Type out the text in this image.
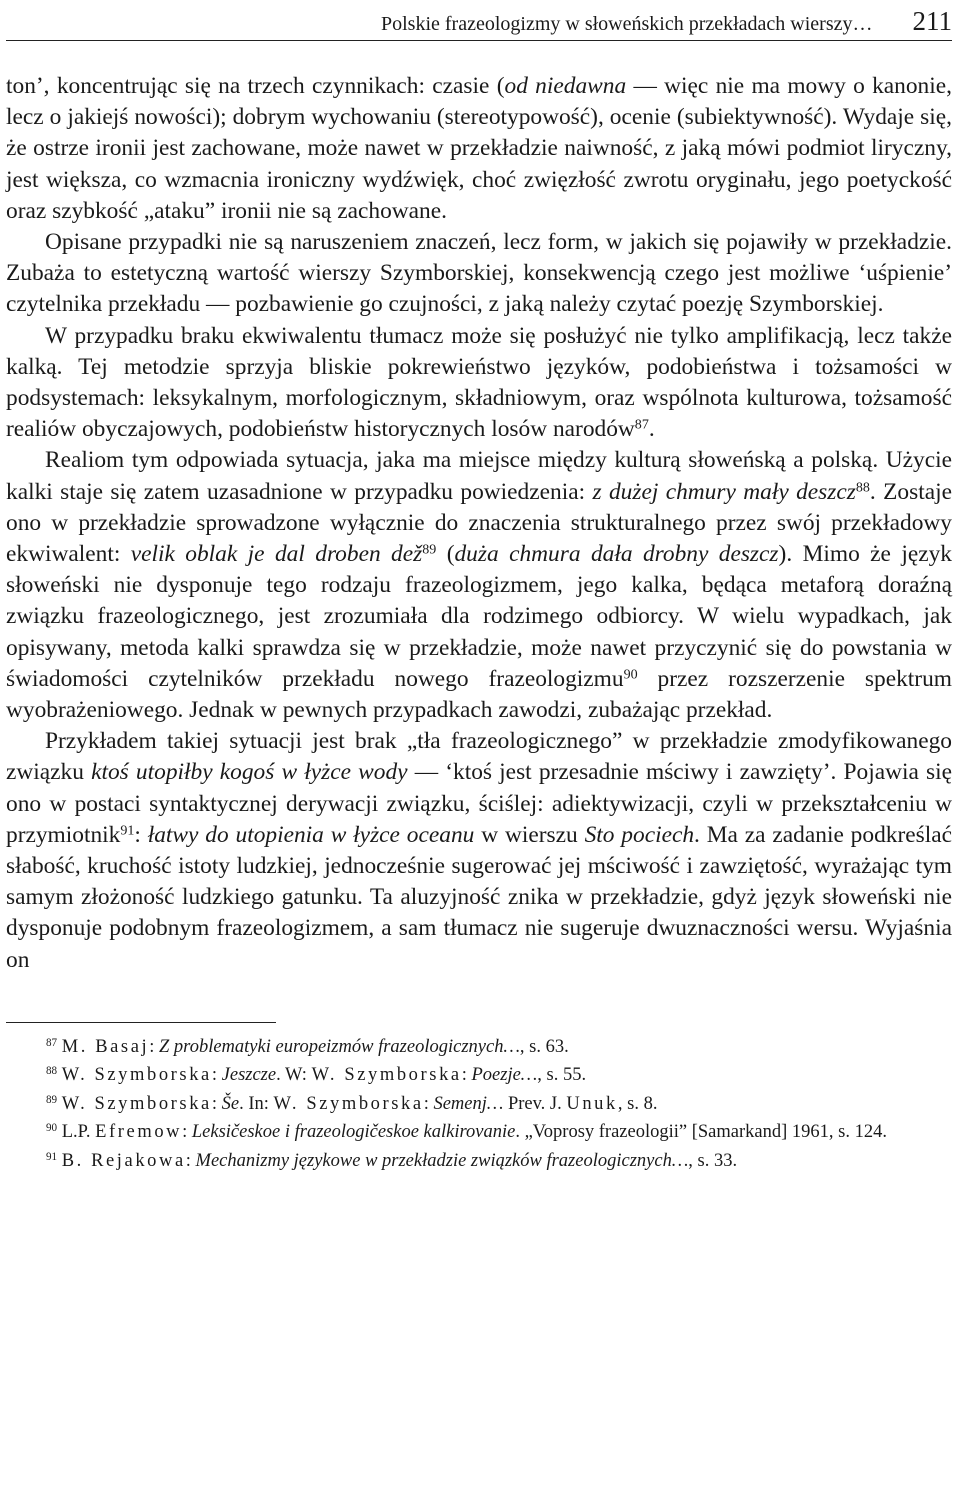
Polskie frazeologizmy w słoweńskich przekładach wierszy… 211

ton’, koncentrując się na trzech czynnikach: czasie (od niedawna — więc nie ma mowy o kanonie, lecz o jakiejś nowości); dobrym wychowaniu (stereotypowość), ocenie (subiektywność). Wydaje się, że ostrze ironii jest zachowane, może nawet w przekładzie naiwność, z jaką mówi podmiot liryczny, jest większa, co wzmacnia ironiczny wydźwięk, choć zwięzłość zwrotu oryginału, jego poetyckość oraz szybkość „ataku” ironii nie są zachowane.

Opisane przypadki nie są naruszeniem znaczeń, lecz form, w jakich się pojawiły w przekładzie. Zubaża to estetyczną wartość wierszy Szymborskiej, konsekwencją czego jest możliwe ‘uśpienie’ czytelnika przekładu — pozbawienie go czujności, z jaką należy czytać poezję Szymborskiej.

W przypadku braku ekwiwalentu tłumacz może się posłużyć nie tylko amplifikacją, lecz także kalką. Tej metodzie sprzyja bliskie pokrewieństwo języków, podobieństwa i tożsamości w podsystemach: leksykalnym, morfologicznym, składniowym, oraz wspólnota kulturowa, tożsamość realiów obyczajowych, podobieństw historycznych losów narodów$^{87}$.

Realiom tym odpowiada sytuacja, jaka ma miejsce między kulturą słoweńską a polską. Użycie kalki staje się zatem uzasadnione w przypadku powiedzenia: z dużej chmury mały deszcz$^{88}$. Zostaje ono w przekładzie sprowadzone wyłącznie do znaczenia strukturalnego przez swój przekładowy ekwiwalent: velik oblak je dal droben dež$^{89}$ (duża chmura dała drobny deszcz). Mimo że język słoweński nie dysponuje tego rodzaju frazeologizmem, jego kalka, będąca metaforą doraźną związku frazeologicznego, jest zrozumiała dla rodzimego odbiorcy. W wielu wypadkach, jak opisywany, metoda kalki sprawdza się w przekładzie, może nawet przyczynić się do powstania w świadomości czytelników przekładu nowego frazeologizmu$^{90}$ przez rozszerzenie spektrum wyobrażeniowego. Jednak w pewnych przypadkach zawodzi, zubażając przekład.

Przykładem takiej sytuacji jest brak „tła frazeologicznego” w przekładzie zmodyfikowanego związku ktoś utopiłby kogoś w łyżce wody — ‘ktoś jest przesadnie mściwy i zawzięty’. Pojawia się ono w postaci syntaktycznej derywacji związku, ściślej: adiektywizacji, czyli w przekształceniu w przymiotnik$^{91}$: łatwy do utopienia w łyżce oceanu w wierszu Sto pociech. Ma za zadanie podkreślać słabość, kruchość istoty ludzkiej, jednocześnie sugerować jej mściwość i zawziętość, wyrażając tym samym złożoność ludzkiego gatunku. Ta aluzyjność znika w przekładzie, gdyż język słoweński nie dysponuje podobnym frazeologizmem, a sam tłumacz nie sugeruje dwuznaczności wersu. Wyjaśnia on

$^{87}$ M. Basaj: Z problematyki europeizmów frazeologicznych…, s. 63.

$^{88}$ W. Szymborska: Jeszcze. W: W. Szymborska: Poezje…, s. 55.

$^{89}$ W. Szymborska: Še. In: W. Szymborska: Semenj… Prev. J. Unuk, s. 8.

$^{90}$ L.P. Efremow: Leksičeskoe i frazeologičeskoe kalkirovanie. „Voprosy frazeologii” [Samarkand] 1961, s. 124.

$^{91}$ B. Rejakowa: Mechanizmy językowe w przekładzie związków frazeologicznych…, s. 33.
